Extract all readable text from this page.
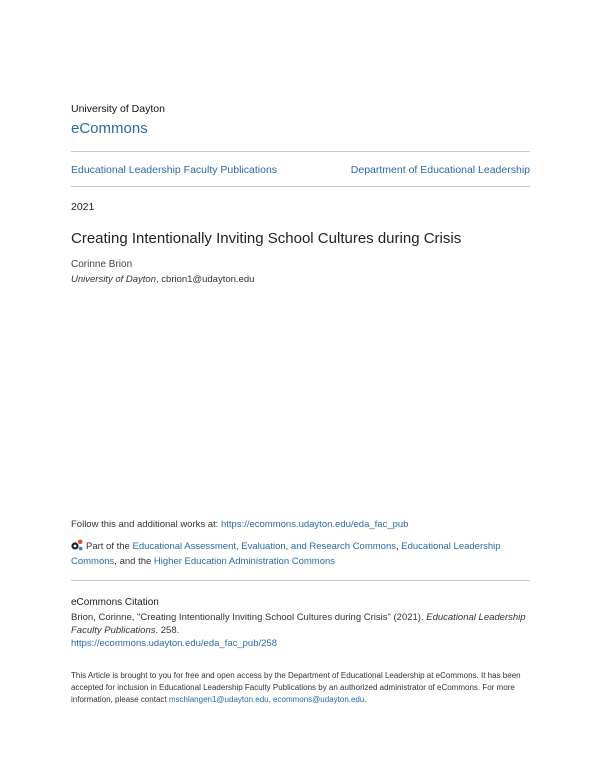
University of Dayton
eCommons
Educational Leadership Faculty Publications	Department of Educational Leadership
2021
Creating Intentionally Inviting School Cultures during Crisis
Corinne Brion
University of Dayton, cbrion1@udayton.edu
Follow this and additional works at: https://ecommons.udayton.edu/eda_fac_pub
Part of the Educational Assessment, Evaluation, and Research Commons, Educational Leadership Commons, and the Higher Education Administration Commons
eCommons Citation
Brion, Corinne, "Creating Intentionally Inviting School Cultures during Crisis" (2021). Educational Leadership Faculty Publications. 258.
https://ecommons.udayton.edu/eda_fac_pub/258
This Article is brought to you for free and open access by the Department of Educational Leadership at eCommons. It has been accepted for inclusion in Educational Leadership Faculty Publications by an authorized administrator of eCommons. For more information, please contact mschlangen1@udayton.edu, ecommons@udayton.edu.
